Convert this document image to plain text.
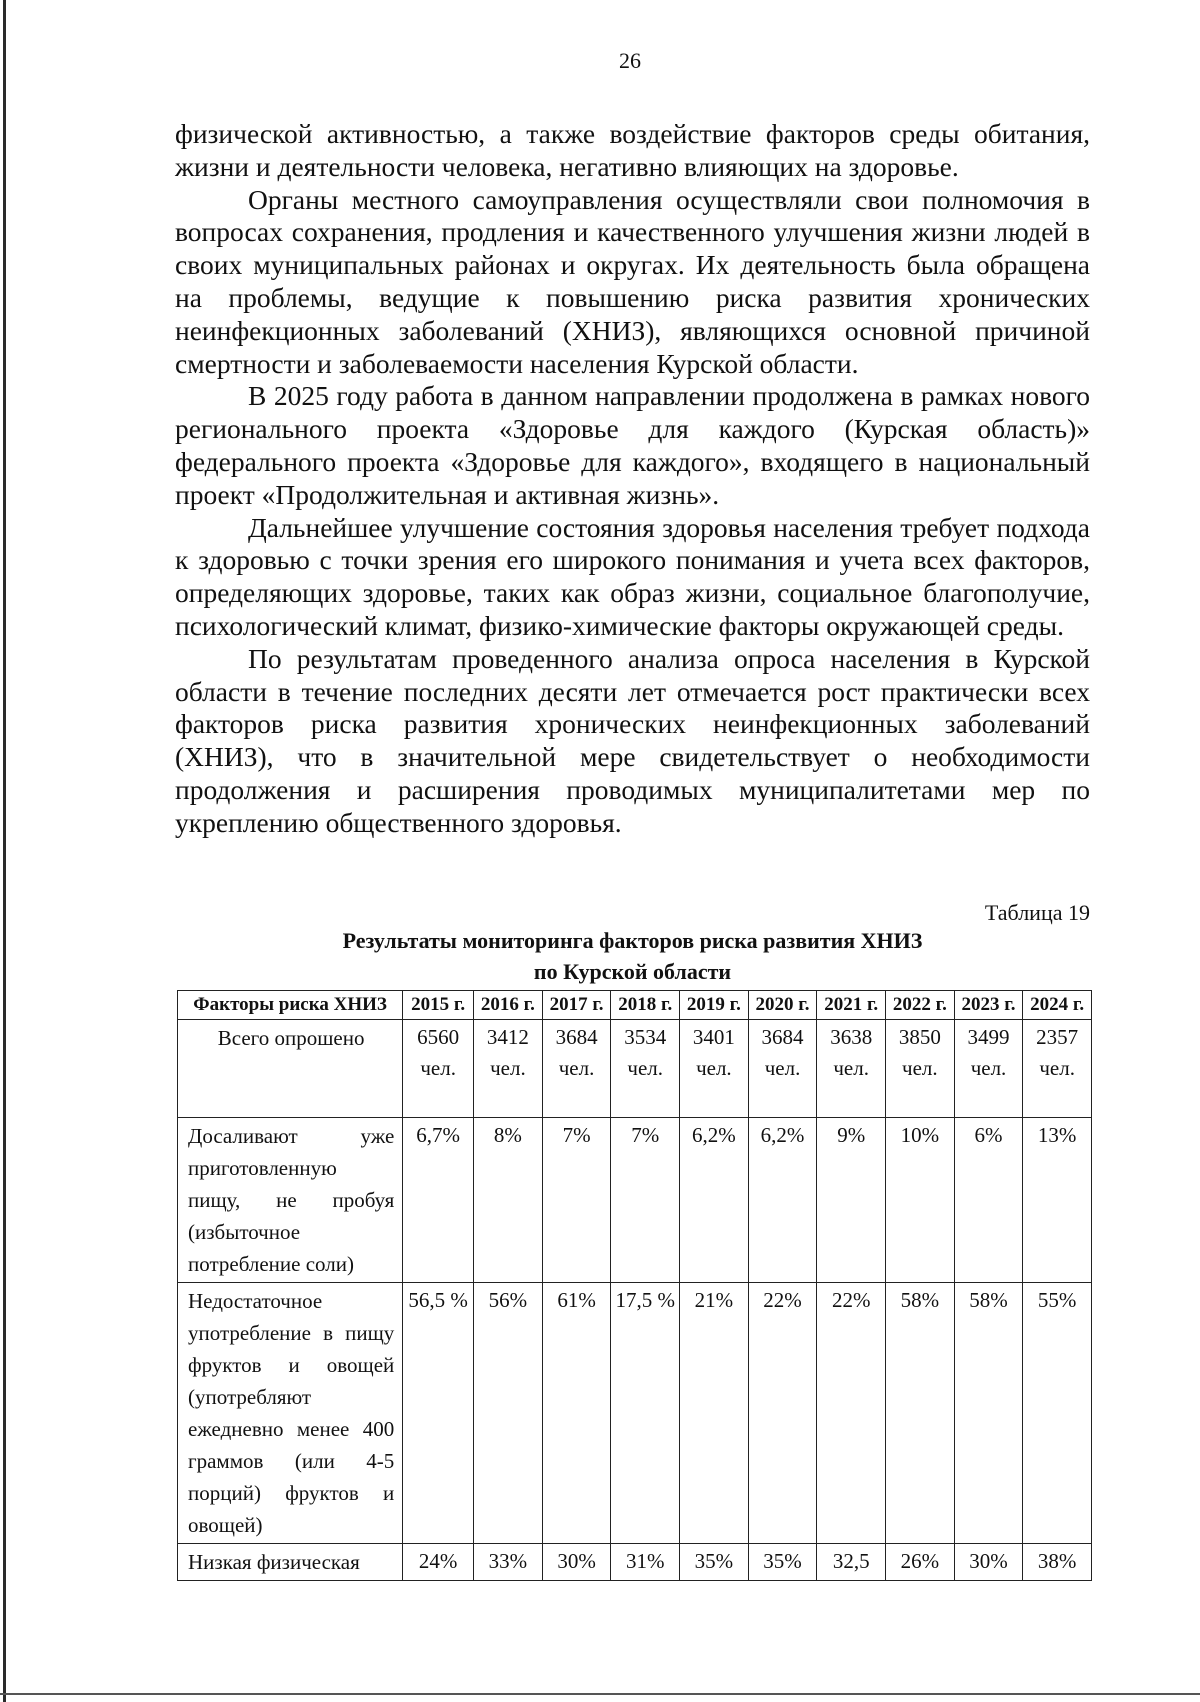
26

физической активностью, а также воздействие факторов среды обитания, жизни и деятельности человека, негативно влияющих на здоровье.

Органы местного самоуправления осуществляли свои полномочия в вопросах сохранения, продления и качественного улучшения жизни людей в своих муниципальных районах и округах. Их деятельность была обращена на проблемы, ведущие к повышению риска развития хронических неинфекционных заболеваний (ХНИЗ), являющихся основной причиной смертности и заболеваемости населения Курской области.

В 2025 году работа в данном направлении продолжена в рамках нового регионального проекта «Здоровье для каждого (Курская область)» федерального проекта «Здоровье для каждого», входящего в национальный проект «Продолжительная и активная жизнь».

Дальнейшее улучшение состояния здоровья населения требует подхода к здоровью с точки зрения его широкого понимания и учета всех факторов, определяющих здоровье, таких как образ жизни, социальное благополучие, психологический климат, физико-химические факторы окружающей среды.

По результатам проведенного анализа опроса населения в Курской области в течение последних десяти лет отмечается рост практически всех факторов риска развития хронических неинфекционных заболеваний (ХНИЗ), что в значительной мере свидетельствует о необходимости продолжения и расширения проводимых муниципалитетами мер по укреплению общественного здоровья.

Таблица 19
Результаты мониторинга факторов риска развития ХНИЗ
по Курской области
Факторы риска ХНИЗ	2015 г.	2016 г.	2017 г.	2018 г.	2019 г.	2020 г.	2021 г.	2022 г.	2023 г.	2024 г.
Всего опрошено	6560 чел.	3412 чел.	3684 чел.	3534 чел.	3401 чел.	3684 чел.	3638 чел.	3850 чел.	3499 чел.	2357 чел.
Досаливают уже приготовленную пищу, не пробуя (избыточное потребление соли)	6,7%	8%	7%	7%	6,2%	6,2%	9%	10%	6%	13%
Недостаточное употребление в пищу фруктов и овощей (употребляют ежедневно менее 400 граммов (или 4-5 порций) фруктов и овощей)	56,5 %	56%	61%	17,5 %	21%	22%	22%	58%	58%	55%
Низкая физическая	24%	33%	30%	31%	35%	35%	32,5	26%	30%	38%
